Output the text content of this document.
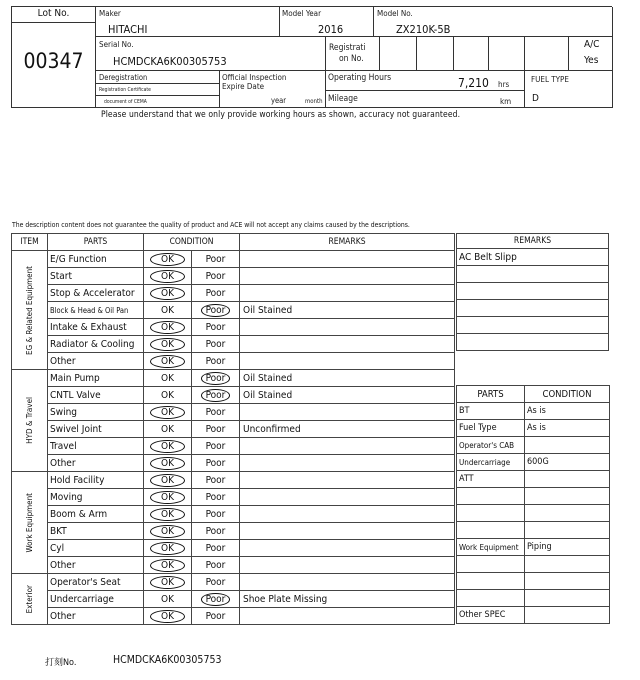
Lot No.
00347
Maker
HITACHI
Model Year
2016
Model No.
ZX210K-5B
Serial No.
HCMDCKA6K00305753
Registrati
on No.
A/C
Yes
Deregistration
Registration Certificate
document of CEMA
Official Inspection
Expire Date
year	month
Operating Hours	7,210 hrs
Mileage	km
FUEL TYPE
D
Please understand that we only provide working hours as shown, accuracy not guaranteed.
The description content does not guarantee the quality of product and ACE will not accept any claims caused by the descriptions.
ITEM	PARTS	CONDITION		REMARKS

EG & Related Equipment	E/G Function	OK	Poor	
	Start	OK	Poor	
	Stop & Accelerator	OK	Poor	
	Block & Head & Oil Pan	OK	Poor	Oil Stained
	Intake & Exhaust	OK	Poor	
	Radiator & Cooling	OK	Poor	
	Other	OK	Poor	

HYD & Travel	Main Pump	OK	Poor	Oil Stained
	CNTL Valve	OK	Poor	Oil Stained
	Swing	OK	Poor	
	Swivel Joint	OK	Poor	Unconfirmed
	Travel	OK	Poor	
	Other	OK	Poor	

Work Equipment	Hold Facility	OK	Poor	
	Moving	OK	Poor	
	Boom & Arm	OK	Poor	
	BKT	OK	Poor	
	Cyl	OK	Poor	
	Other	OK	Poor	

Exterior	Operator's Seat	OK	Poor	
	Undercarriage	OK	Poor	Shoe Plate Missing
	Other	OK	Poor	
REMARKS
AC Belt Slipp

PARTS	CONDITION
BT	As is
Fuel Type	As is
Operator's CAB	
Undercarriage	600G
ATT	

Work Equipment	Piping

Other SPEC	
打刻No.	HCMDCKA6K00305753
